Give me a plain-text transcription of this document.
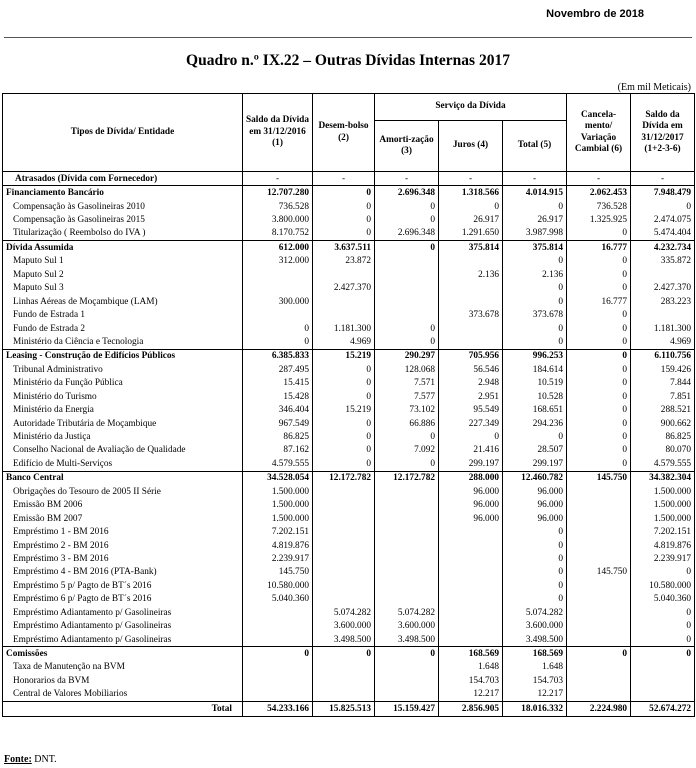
Novembro de 2018
Quadro n.º IX.22 – Outras Dívidas Internas 2017
(Em mil Meticais)
Tipos de Dívida/ Entidade	Saldo da Dívida em 31/12/2016 (1)	Desem-bolso (2)	Serviço da Dívida			Cancela-mento/ Variação Cambial (6)	Saldo da Dívida em 31/12/2017 (1+2-3-6)
			Amorti-zação (3)	Juros (4)	Total (5)		
Atrasados (Dívida com Fornecedor)	-	-	-	-	-	-	-
Financiamento Bancário	12.707.280	0	2.696.348	1.318.566	4.014.915	2.062.453	7.948.479
Compensação às Gasolineiras 2010	736.528	0	0	0	0	736.528	0
Compensação às Gasolineiras 2015	3.800.000	0	0	26.917	26.917	1.325.925	2.474.075
Titularização ( Reembolso do IVA )	8.170.752	0	2.696.348	1.291.650	3.987.998	0	5.474.404
Dívida Assumida	612.000	3.637.511	0	375.814	375.814	16.777	4.232.734
Maputo Sul 1	312.000	23.872			0	0	335.872
Maputo Sul 2				2.136	2.136	0	
Maputo Sul 3		2.427.370			0	0	2.427.370
Linhas Aéreas de Moçambique (LAM)	300.000				0	16.777	283.223
Fundo de Estrada 1				373.678	373.678	0	
Fundo de Estrada 2	0	1.181.300	0		0	0	1.181.300
Ministério da Ciência e Tecnologia	0	4.969	0		0	0	4.969
Leasing - Construção de Edifícios Públicos	6.385.833	15.219	290.297	705.956	996.253	0	6.110.756
Tribunal Administrativo	287.495	0	128.068	56.546	184.614	0	159.426
Ministério da Função Pública	15.415	0	7.571	2.948	10.519	0	7.844
Ministério do Turismo	15.428	0	7.577	2.951	10.528	0	7.851
Ministério da Energia	346.404	15.219	73.102	95.549	168.651	0	288.521
Autoridade Tributária de Moçambique	967.549	0	66.886	227.349	294.236	0	900.662
Ministério da Justiça	86.825	0	0	0	0	0	86.825
Conselho Nacional de Avaliação de Qualidade	87.162	0	7.092	21.416	28.507	0	80.070
Edifício de Multi-Serviços	4.579.555	0	0	299.197	299.197	0	4.579.555
Banco Central	34.528.054	12.172.782	12.172.782	288.000	12.460.782	145.750	34.382.304
Obrigações do Tesouro de 2005 II Série	1.500.000			96.000	96.000		1.500.000
Emissão BM 2006	1.500.000			96.000	96.000		1.500.000
Emissão BM 2007	1.500.000			96.000	96.000		1.500.000
Empréstimo 1 - BM 2016	7.202.151				0		7.202.151
Empréstimo 2 - BM 2016	4.819.876				0		4.819.876
Empréstimo 3 - BM 2016	2.239.917				0		2.239.917
Empréstimo 4 - BM 2016 (PTA-Bank)	145.750				0	145.750	0
Empréstimo 5 p/ Pagto de BT´s 2016	10.580.000				0		10.580.000
Empréstimo 6 p/ Pagto de BT´s 2016	5.040.360				0		5.040.360
Empréstimo Adiantamento p/ Gasolineiras		5.074.282	5.074.282		5.074.282		0
Empréstimo Adiantamento p/ Gasolineiras		3.600.000	3.600.000		3.600.000		0
Empréstimo Adiantamento p/ Gasolineiras		3.498.500	3.498.500		3.498.500		0
Comissões	0	0	0	168.569	168.569	0	0
Taxa de Manutenção na BVM				1.648	1.648		
Honorarios da BVM				154.703	154.703		
Central de Valores Mobiliarios				12.217	12.217		
Total	54.233.166	15.825.513	15.159.427	2.856.905	18.016.332	2.224.980	52.674.272
Fonte: DNT.
